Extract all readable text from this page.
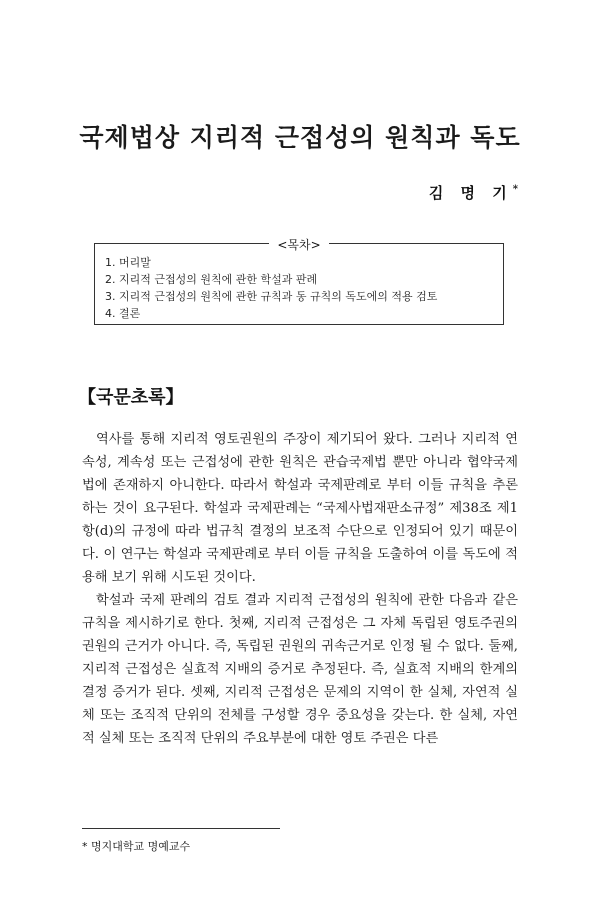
국제법상 지리적 근접성의 원칙과 독도
김 명 기*
<목차>
1. 머리말
2. 지리적 근접성의 원칙에 관한 학설과 판례
3. 지리적 근접성의 원칙에 관한 규칙과 동 규칙의 독도에의 적용 검토
4. 결론
【국문초록】

역사를 통해 지리적 영토권원의 주장이 제기되어 왔다. 그러나 지리적 연속성, 계속성 또는 근접성에 관한 원칙은 관습국제법 뿐만 아니라 협약국제법에 존재하지 아니한다. 따라서 학설과 국제판례로 부터 이들 규칙을 추론하는 것이 요구된다. 학설과 국제판례는 “국제사법재판소규정” 제38조 제1항(d)의 규정에 따라 법규칙 결정의 보조적 수단으로 인정되어 있기 때문이다. 이 연구는 학설과 국제판례로 부터 이들 규칙을 도출하여 이를 독도에 적용해 보기 위해 시도된 것이다.

학설과 국제 판례의 검토 결과 지리적 근접성의 원칙에 관한 다음과 같은 규칙을 제시하기로 한다. 첫째, 지리적 근접성은 그 자체 독립된 영토주권의 권원의 근거가 아니다. 즉, 독립된 권원의 귀속근거로 인정 될 수 없다. 둘째, 지리적 근접성은 실효적 지배의 증거로 추정된다. 즉, 실효적 지배의 한계의 결정 증거가 된다. 셋째, 지리적 근접성은 문제의 지역이 한 실체, 자연적 실체 또는 조직적 단위의 전체를 구성할 경우 중요성을 갖는다. 한 실체, 자연적 실체 또는 조직적 단위의 주요부분에 대한 영토 주권은 다른

* 명지대학교 명예교수
